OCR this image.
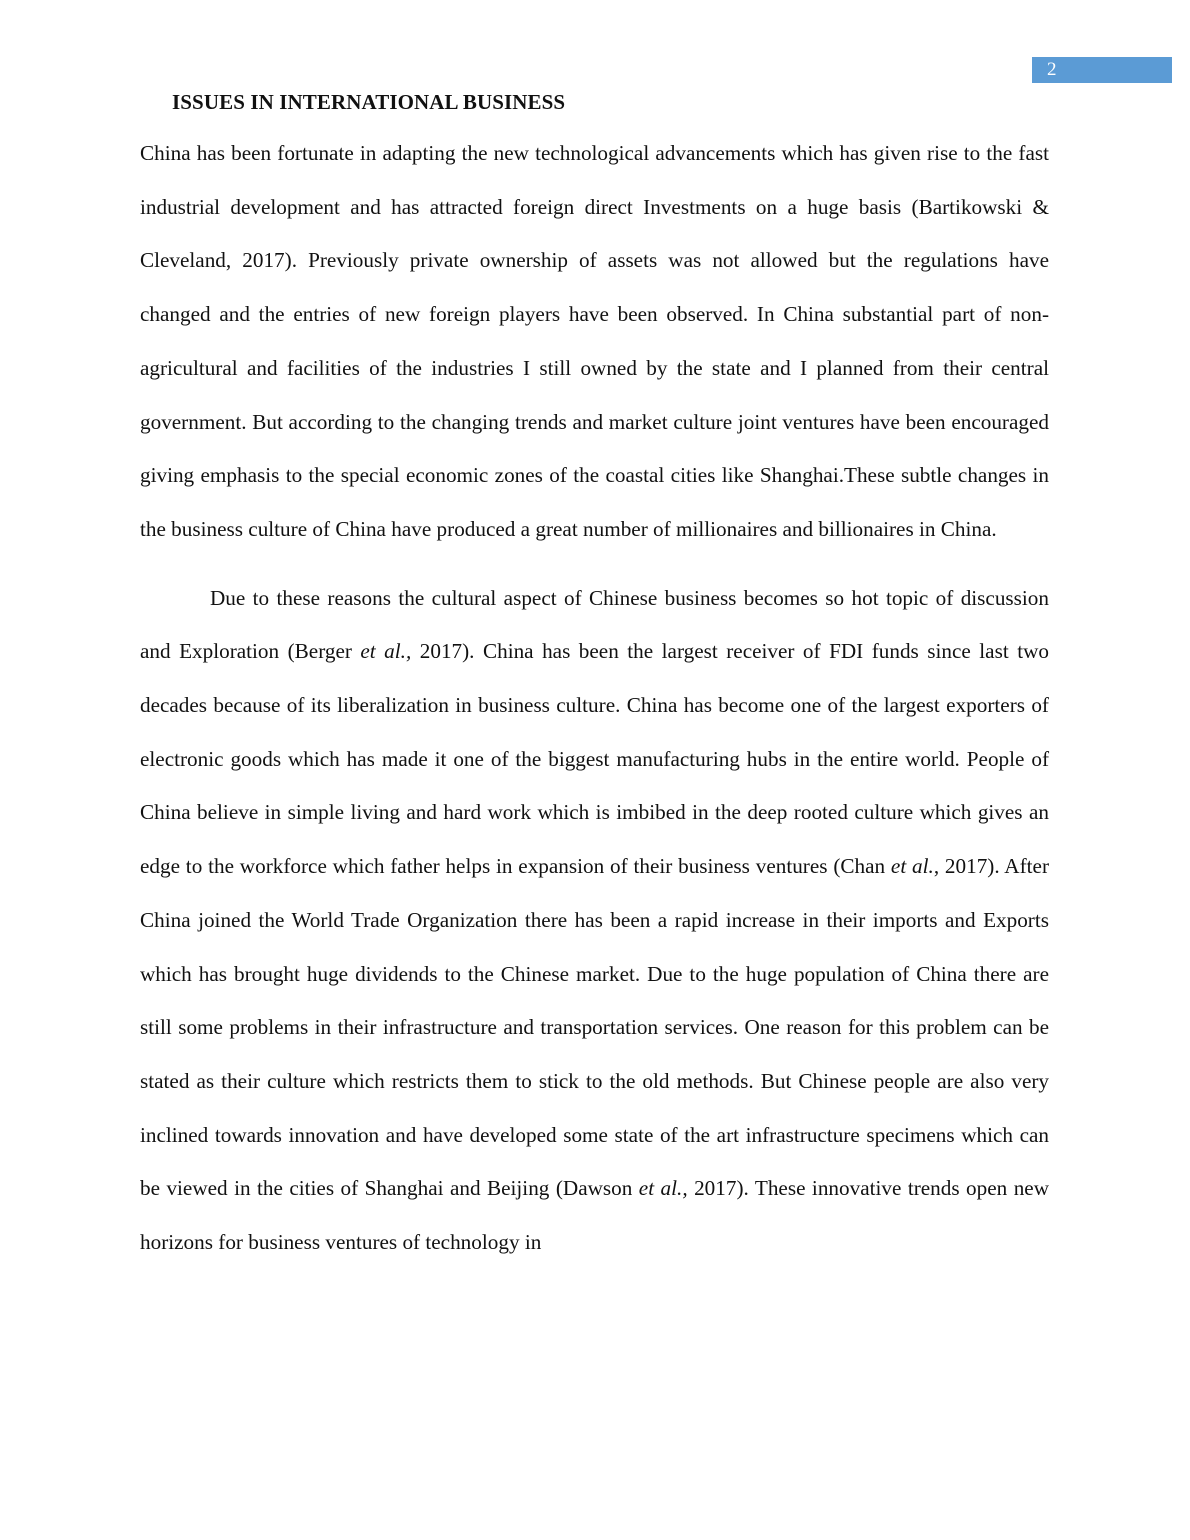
2
ISSUES IN INTERNATIONAL BUSINESS

China has been fortunate in adapting the new technological advancements which has given rise to the fast industrial development and has attracted foreign direct Investments on a huge basis (Bartikowski & Cleveland, 2017). Previously private ownership of assets was not allowed but the regulations have changed and the entries of new foreign players have been observed. In China substantial part of non-agricultural and facilities of the industries I still owned by the state and I planned from their central government. But according to the changing trends and market culture joint ventures have been encouraged giving emphasis to the special economic zones of the coastal cities like Shanghai.These subtle changes in the business culture of China have produced a great number of millionaires and billionaires in China.

Due to these reasons the cultural aspect of Chinese business becomes so hot topic of discussion and Exploration (Berger et al., 2017). China has been the largest receiver of FDI funds since last two decades because of its liberalization in business culture. China has become one of the largest exporters of electronic goods which has made it one of the biggest manufacturing hubs in the entire world. People of China believe in simple living and hard work which is imbibed in the deep rooted culture which gives an edge to the workforce which father helps in expansion of their business ventures (Chan et al., 2017). After China joined the World Trade Organization there has been a rapid increase in their imports and Exports which has brought huge dividends to the Chinese market. Due to the huge population of China there are still some problems in their infrastructure and transportation services. One reason for this problem can be stated as their culture which restricts them to stick to the old methods. But Chinese people are also very inclined towards innovation and have developed some state of the art infrastructure specimens which can be viewed in the cities of Shanghai and Beijing (Dawson et al., 2017). These innovative trends open new horizons for business ventures of technology in
